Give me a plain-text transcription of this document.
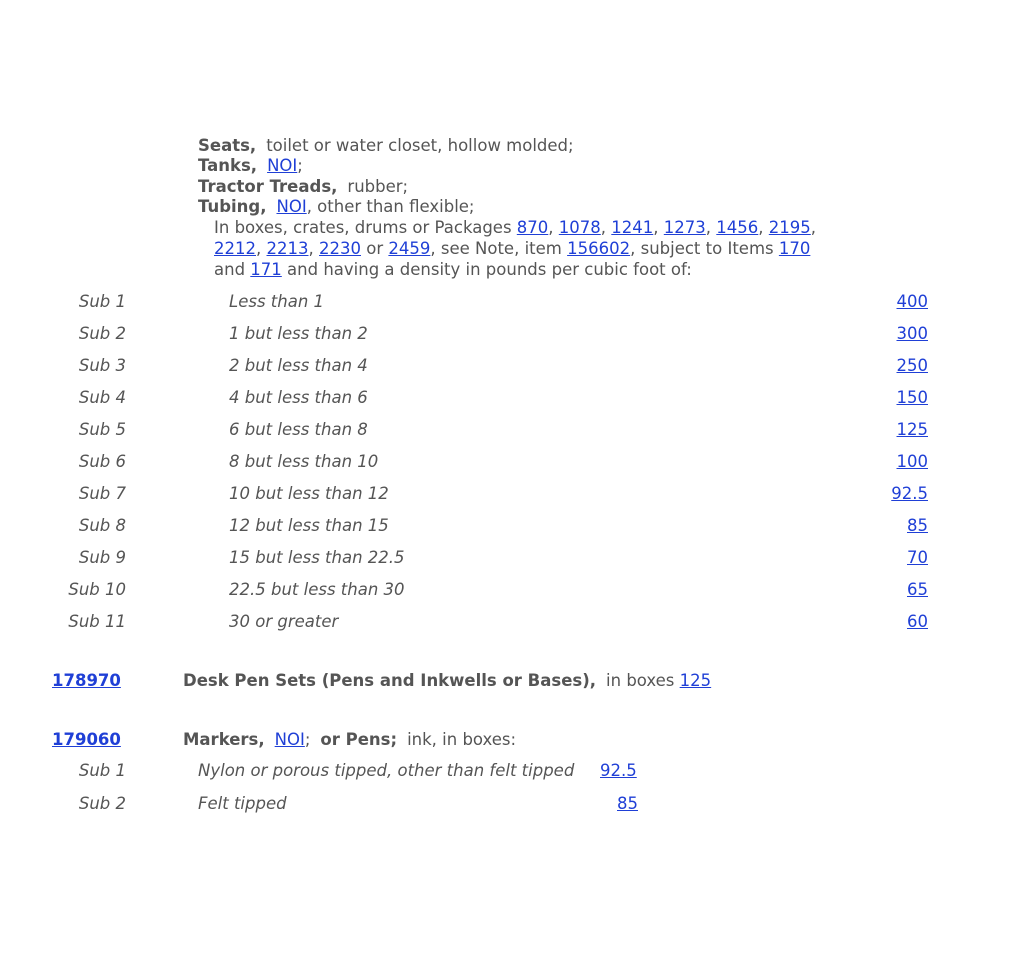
Seats, toilet or water closet, hollow molded;
Tanks, NOI;
Tractor Treads, rubber;
Tubing, NOI, other than flexible;
In boxes, crates, drums or Packages 870, 1078, 1241, 1273, 1456, 2195,
2212, 2213, 2230 or 2459, see Note, item 156602, subject to Items 170
and 171 and having a density in pounds per cubic foot of:
Sub 1	Less than 1	400
Sub 2	1 but less than 2	300
Sub 3	2 but less than 4	250
Sub 4	4 but less than 6	150
Sub 5	6 but less than 8	125
Sub 6	8 but less than 10	100
Sub 7	10 but less than 12	92.5
Sub 8	12 but less than 15	85
Sub 9	15 but less than 22.5	70
Sub 10	22.5 but less than 30	65
Sub 11	30 or greater	60
178970	Desk Pen Sets (Pens and Inkwells or Bases), in boxes 125
179060	Markers, NOI; or Pens; ink, in boxes:
Sub 1	Nylon or porous tipped, other than felt tipped 92.5
Sub 2	Felt tipped	85
